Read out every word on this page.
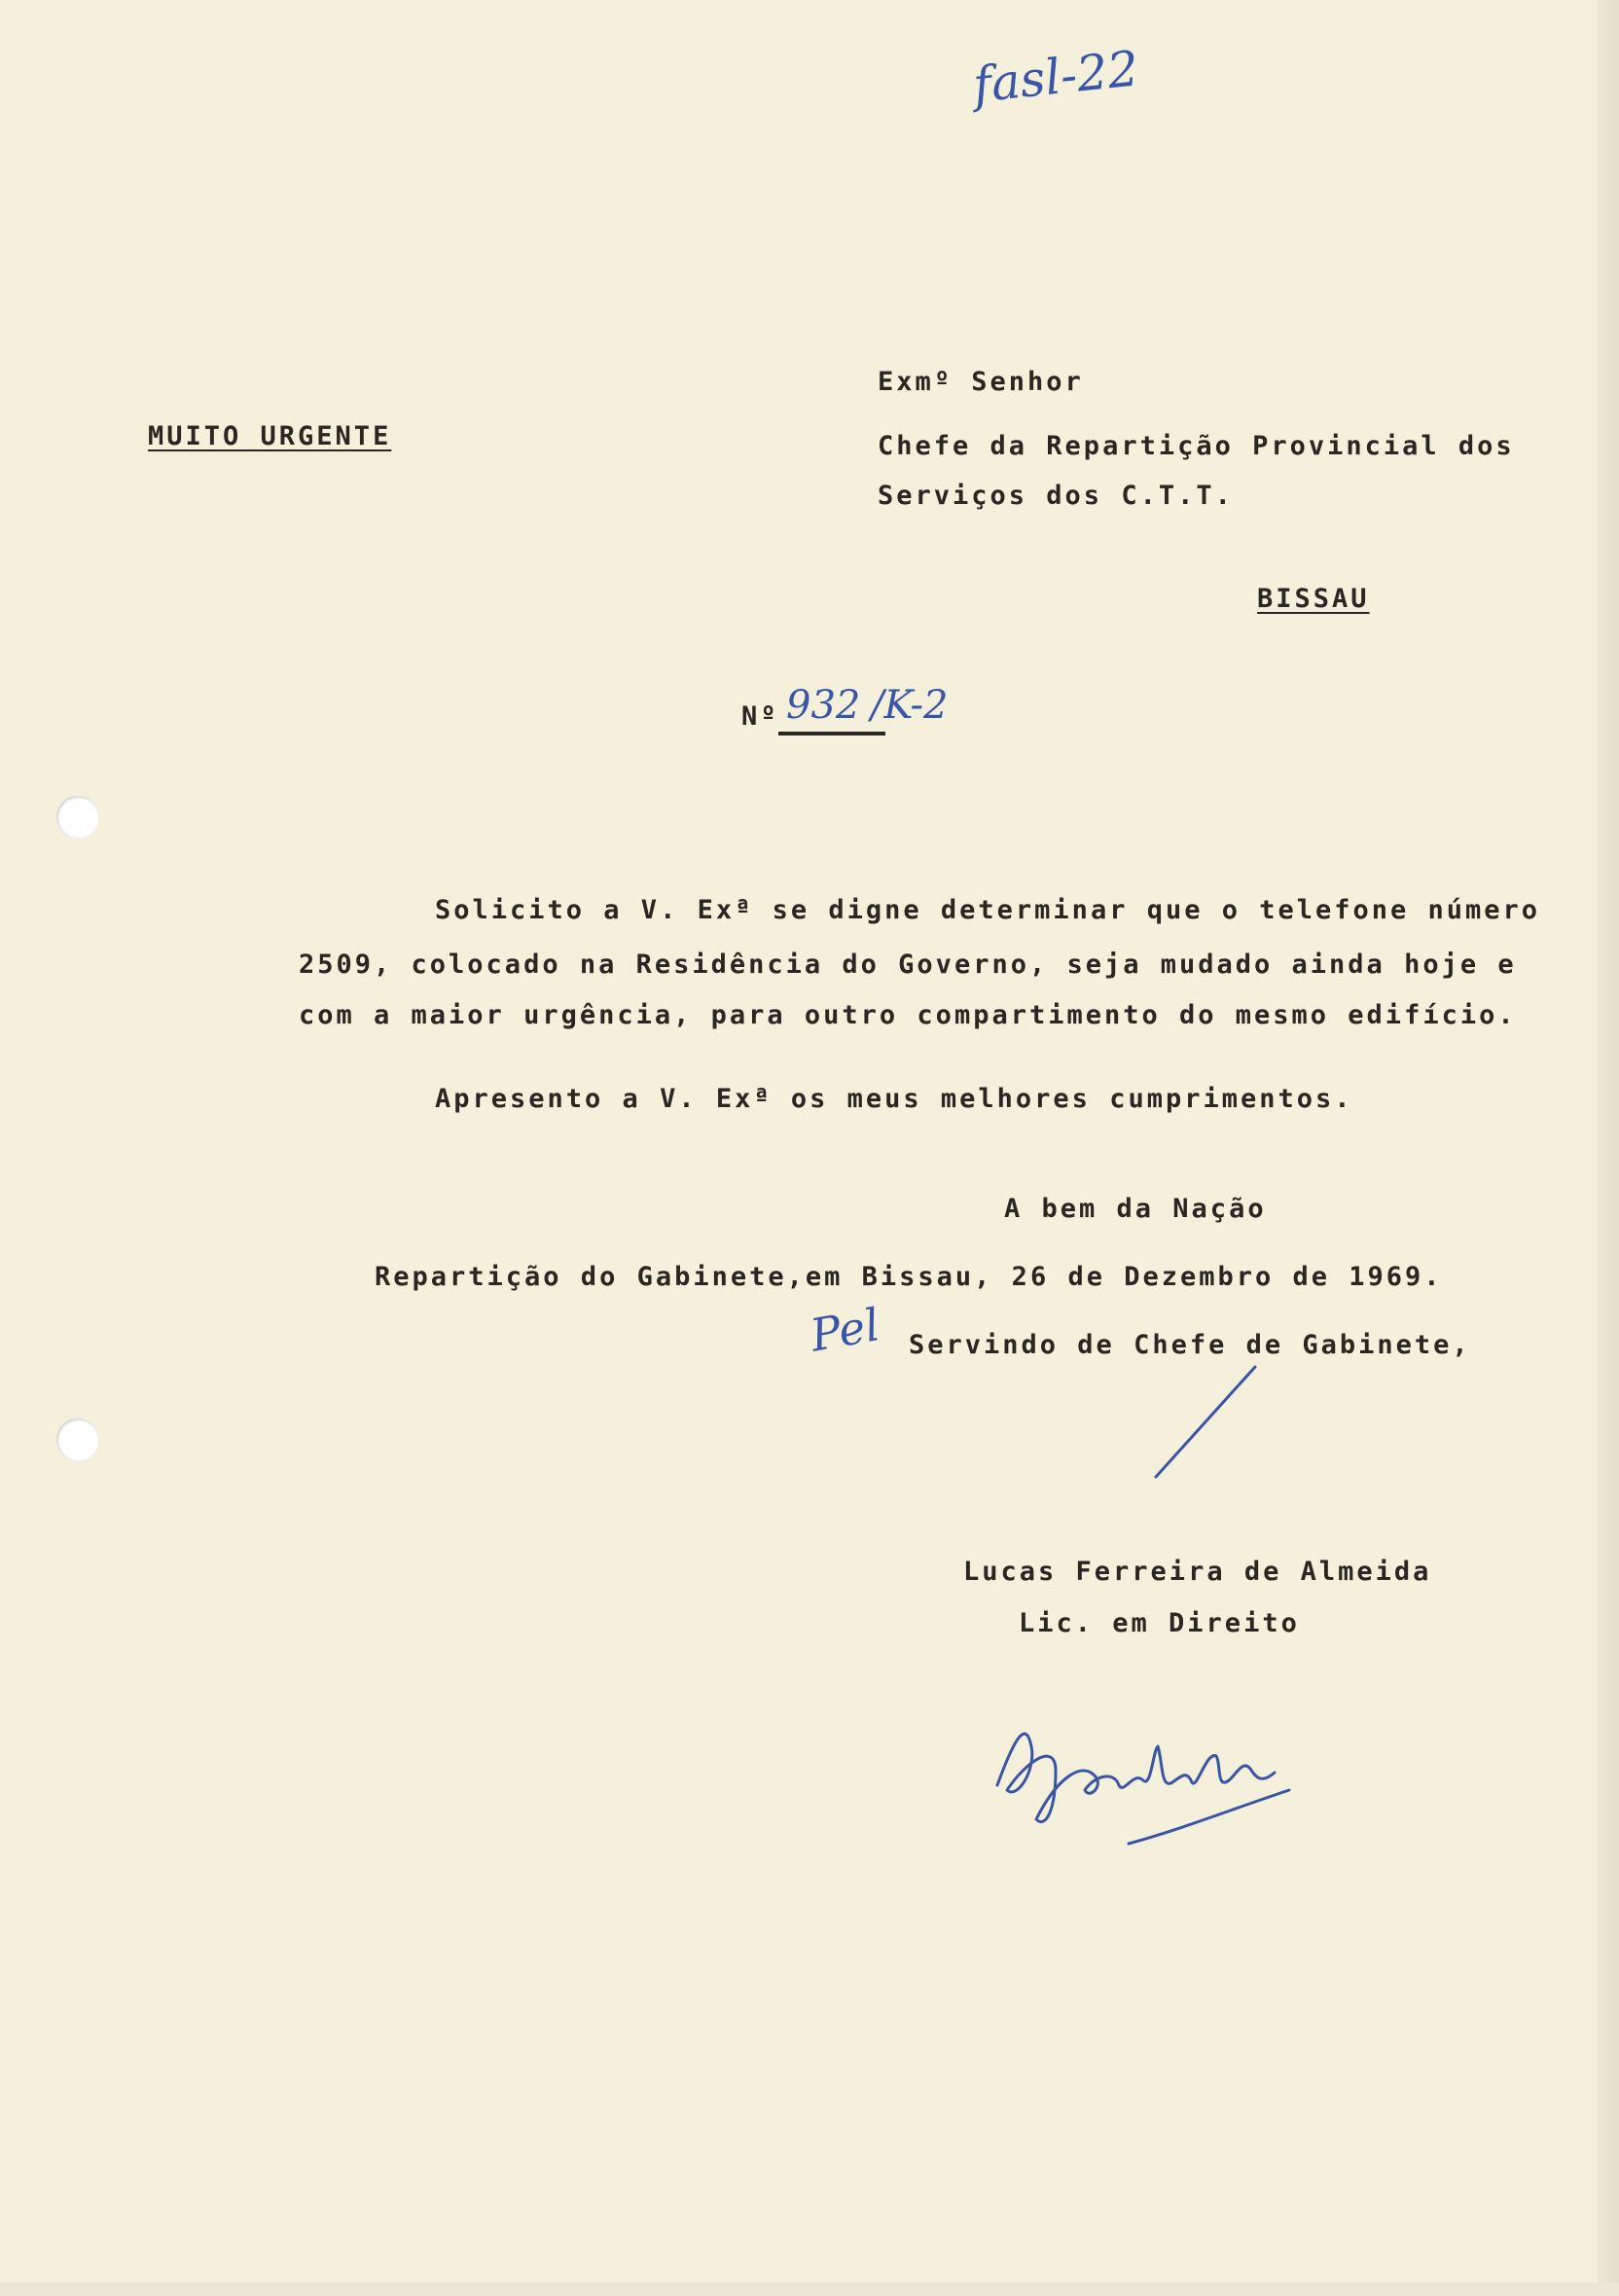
fasl-22
Exmº Senhor
MUITO URGENTE	Chefe da Repartição Provincial dos
Serviços dos C.T.T.
BISSAU
Nº 932 /K-2
Solicito a V. Exª se digne determinar que o telefone número
2509, colocado na Residência do Governo, seja mudado ainda hoje e
com a maior urgência, para outro compartimento do mesmo edifício.
Apresento a V. Exª os meus melhores cumprimentos.
A bem da Nação
Repartição do Gabinete,em Bissau, 26 de Dezembro de 1969.
Pel Servindo de Chefe de Gabinete,
Lucas Ferreira de Almeida
Lic. em Direito
